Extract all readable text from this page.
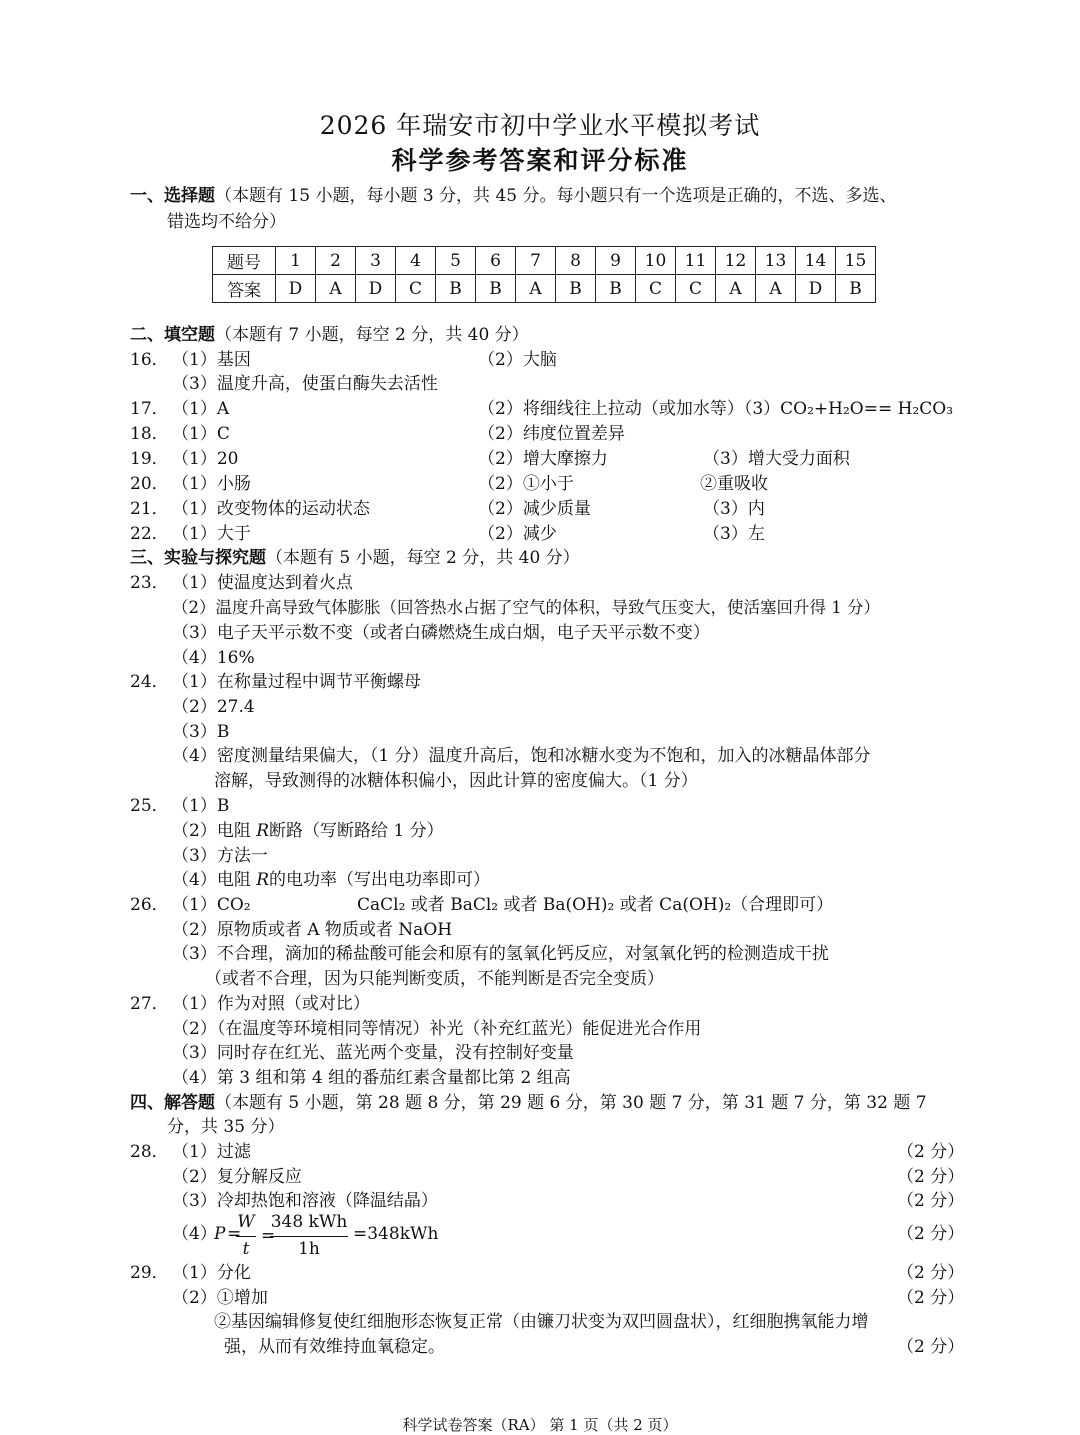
2026 年瑞安市初中学业水平模拟考试
科学参考答案和评分标准
一、选择题（本题有 15 小题，每小题 3 分，共 45 分。每小题只有一个选项是正确的，不选、多选、
错选均不给分）
题号	1	2	3	4	5	6	7	8	9	10	11	12	13	14	15
答案	D	A	D	C	B	B	A	B	B	C	C	A	A	D	B
二、填空题（本题有 7 小题，每空 2 分，共 40 分）
16． （1）基因	（2）大脑
（3）温度升高，使蛋白酶失去活性
17． （1）A	（2）将细线往上拉动（或加水等）（3）CO₂+H₂O== H₂CO₃
18． （1）C	（2）纬度位置差异
19． （1）20	（2）增大摩擦力	（3）增大受力面积
20． （1）小肠	（2）①小于	②重吸收
21． （1）改变物体的运动状态	（2）减少质量	（3）内
22． （1）大于	（2）减少	（3）左
三、实验与探究题（本题有 5 小题，每空 2 分，共 40 分）
23． （1）使温度达到着火点
（2）温度升高导致气体膨胀（回答热水占据了空气的体积，导致气压变大，使活塞回升得 1 分）
（3）电子天平示数不变（或者白磷燃烧生成白烟，电子天平示数不变）
（4）16%
24． （1）在称量过程中调节平衡螺母
（2）27.4
（3）B
（4）密度测量结果偏大，（1 分）温度升高后，饱和冰糖水变为不饱和，加入的冰糖晶体部分
溶解，导致测得的冰糖体积偏小，因此计算的密度偏大。（1 分）
25． （1）B
（2）电阻 R断路（写断路给 1 分）
（3）方法一
（4）电阻 R的电功率（写出电功率即可）
26． （1）CO₂	CaCl₂ 或者 BaCl₂ 或者 Ba(OH)₂ 或者 Ca(OH)₂（合理即可）
（2）原物质或者 A 物质或者 NaOH
（3）不合理，滴加的稀盐酸可能会和原有的氢氧化钙反应，对氢氧化钙的检测造成干扰
（或者不合理，因为只能判断变质，不能判断是否完全变质）
27． （1）作为对照（或对比）
（2）（在温度等环境相同等情况）补光（补充红蓝光）能促进光合作用
（3）同时存在红光、蓝光两个变量，没有控制好变量
（4）第 3 组和第 4 组的番茄红素含量都比第 2 组高
四、解答题（本题有 5 小题，第 28 题 8 分，第 29 题 6 分，第 30 题 7 分，第 31 题 7 分，第 32 题 7
分，共 35 分）
28． （1）过滤	（2 分）
（2）复分解反应	（2 分）
（3）冷却热饱和溶液（降温结晶）	（2 分）
（4）
P =
W
t
=
348 kWh
1h
=348kWh	（2 分）
29． （1）分化	（2 分）
（2）①增加	（2 分）
②基因编辑修复使红细胞形态恢复正常（由镰刀状变为双凹圆盘状），红细胞携氧能力增
强，从而有效维持血氧稳定。	（2 分）
科学试卷答案（RA） 第 1 页（共 2 页）
